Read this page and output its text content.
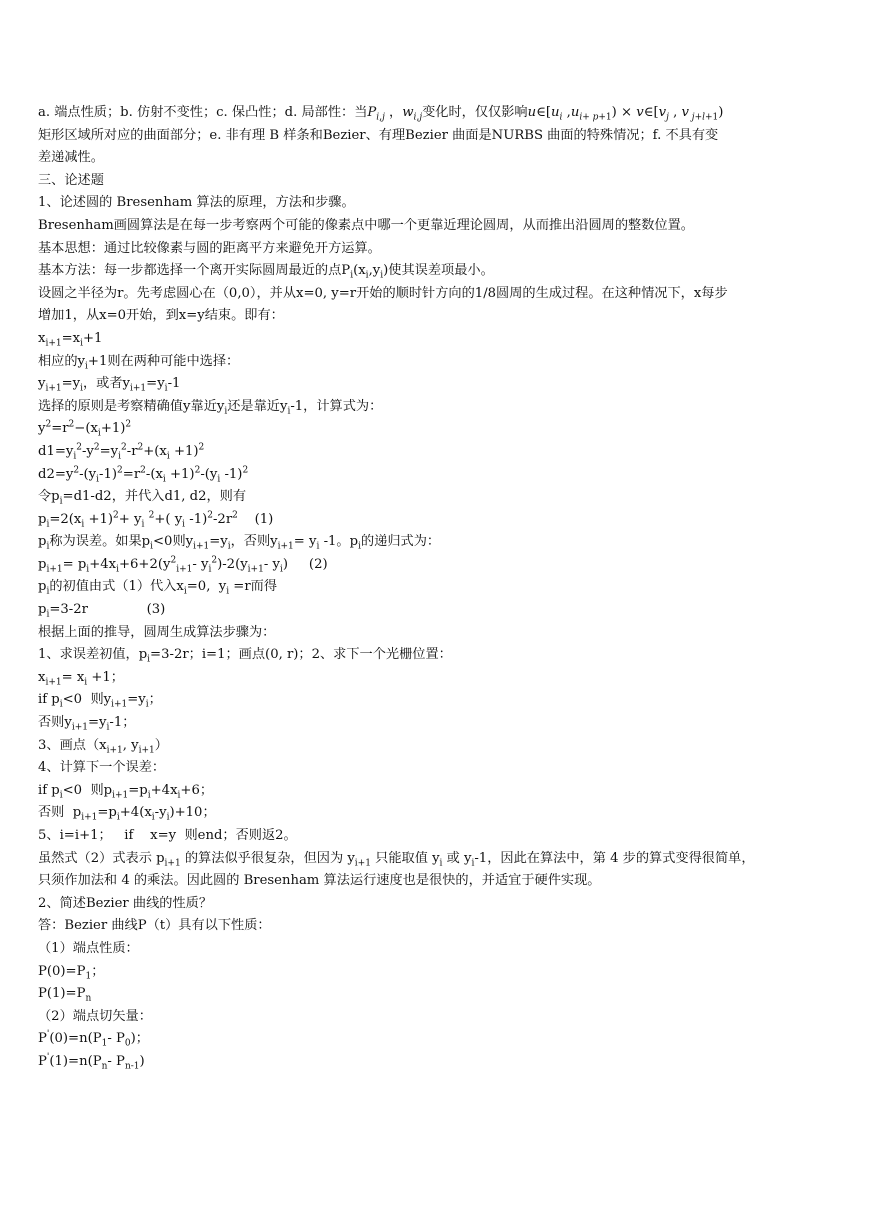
a. 端点性质；b. 仿射不变性；c. 保凸性；d. 局部性：当$P_{i,j}$ ，$w_{i,j}$变化时，仅仅影响$u\in[u_i$ $,u_{i+ p+1}$) × $v\in[v_j$ , v $_{j+l+1}$)

矩形区域所对应的曲面部分；e. 非有理 B 样条和Bezier、有理Bezier 曲面是NURBS 曲面的特殊情况；f. 不具有变

差递减性。

三、论述题

1、论述圆的 Bresenham 算法的原理，方法和步骤。

Bresenham画圆算法是在每一步考察两个可能的像素点中哪一个更靠近理论圆周，从而推出沿圆周的整数位置。

基本思想：通过比较像素与圆的距离平方来避免开方运算。

基本方法：每一步都选择一个离开实际圆周最近的点$P_i(x_i,y_i)$使其误差项最小。

设圆之半径为r。先考虑圆心在（0,0），并从x=0, y=r开始的顺时针方向的1/8圆周的生成过程。在这种情况下，x每步

增加1，从x=0开始，到x=y结束。即有：

$x_{i+1}=x_i+1$

相应的$y_i+1$则在两种可能中选择：

$y_{i+1}=y_i$，或者$y_{i+1}=y_i-1$

选择的原则是考察精确值y靠近$y_i$还是靠近$y_i-1$，计算式为：

$y^2=r^2-(x_i+1)^2$

$d1=y_i^2-y^2=y_i^2-r^2+(x_i +1)^2$

$d2=y^2-(y_i-1)^2=r^2-(x_i +1)^2-(y_i$ -1)$^2$

令$p_i=d1-d2$，并代入d1, d2，则有

$p_i=2(x_i +1)^2+ y_i$ $^2$+( $y_i$ $-1)^2-2r^2$    (1)

$p_i$称为误差。如果$p_i<0$则$y_{i+1}=y_i$，否则$y_{i+1}= y_i$ -1。$p_i$的递归式为：

$p_{i+1}= p_i+4x_i+6+2(y^2_{i+1}-$ $y_i^2)-2(y_{i+1}-$ $y_i$)     (2)

$p_i$的初值由式（1）代入$x_i=0$,  $y_i =r$而得

$p_i=3-2r$              (3)

根据上面的推导，圆周生成算法步骤为：

1、求误差初值，$p_i=3-2r$；i=1；画点(0, r)；2、求下一个光栅位置：

$x_{i+1}= x_i +1$；

if $p_i<0$  则$y_{i+1}=y_i$；

否则$y_{i+1}=y_i-1$；

3、画点（$x_{i+1}$, $y_{i+1}$）

4、计算下一个误差：

if $p_i<0$  则$p_{i+1}=p_i+4x_i+6$；

否则  $p_{i+1}=p_i+4(x_i-y_i)+10$；

5、i=i+1；   if    x=y  则end；否则返2。

虽然式（2）式表示 $p_{i+1}$ 的算法似乎很复杂，但因为 $y_{i+1}$ 只能取值 $y_i$ 或 $y_i-1$，因此在算法中，第 4 步的算式变得很简单，

只须作加法和 4 的乘法。因此圆的 Bresenham 算法运行速度也是很快的，并适宜于硬件实现。

2、简述Bezier 曲线的性质？

答：Bezier 曲线P（t）具有以下性质：

（1）端点性质：

$P(0)=P_1$；

$P(1)=P_n$

（2）端点切矢量：

$P'(0)=n(P_1-$ $P_0$)；

$P'(1)=n(P_n-$ $P_{n-1}$)
